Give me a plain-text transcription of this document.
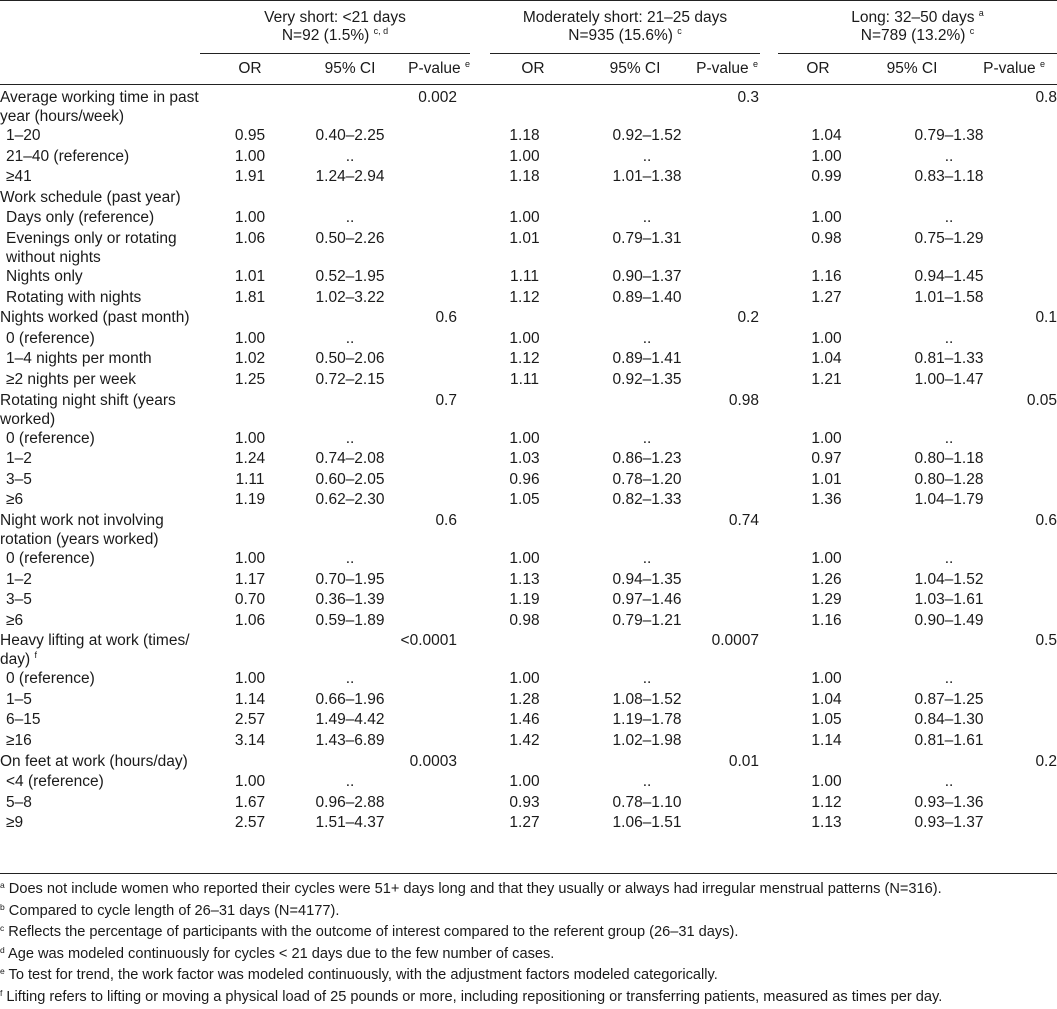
Very short: <21 days
N=92 (1.5%) $^{c, d}$
Moderately short: 21–25 days
N=935 (15.6%) $^c$
Long: 32–50 days $^a$
N=789 (13.2%) $^c$
OR	95% CI	P-value $^e$	OR	95% CI	P-value $^e$	OR	95% CI	P-value $^e$
Average working time in past year (hours/week)			0.002			0.3			0.8
1–20	0.95	0.40–2.25		1.18	0.92–1.52		1.04	0.79–1.38	
21–40 (reference)	1.00	..		1.00	..		1.00	..	
≥41	1.91	1.24–2.94		1.18	1.01–1.38		0.99	0.83–1.18	
Work schedule (past year)									
Days only (reference)	1.00	..		1.00	..		1.00	..	
Evenings only or rotating without nights	1.06	0.50–2.26		1.01	0.79–1.31		0.98	0.75–1.29	
Nights only	1.01	0.52–1.95		1.11	0.90–1.37		1.16	0.94–1.45	
Rotating with nights	1.81	1.02–3.22		1.12	0.89–1.40		1.27	1.01–1.58	
Nights worked (past month)			0.6			0.2			0.1
0 (reference)	1.00	..		1.00	..		1.00	..	
1–4 nights per month	1.02	0.50–2.06		1.12	0.89–1.41		1.04	0.81–1.33	
≥2 nights per week	1.25	0.72–2.15		1.11	0.92–1.35		1.21	1.00–1.47	
Rotating night shift (years worked)			0.7			0.98			0.05
0 (reference)	1.00	..		1.00	..		1.00	..	
1–2	1.24	0.74–2.08		1.03	0.86–1.23		0.97	0.80–1.18	
3–5	1.11	0.60–2.05		0.96	0.78–1.20		1.01	0.80–1.28	
≥6	1.19	0.62–2.30		1.05	0.82–1.33		1.36	1.04–1.79	
Night work not involving rotation (years worked)			0.6			0.74			0.6
0 (reference)	1.00	..		1.00	..		1.00	..	
1–2	1.17	0.70–1.95		1.13	0.94–1.35		1.26	1.04–1.52	
3–5	0.70	0.36–1.39		1.19	0.97–1.46		1.29	1.03–1.61	
≥6	1.06	0.59–1.89		0.98	0.79–1.21		1.16	0.90–1.49	
Heavy lifting at work (times/ day) $^f$			<0.0001			0.0007			0.5
0 (reference)	1.00	..		1.00	..		1.00	..	
1–5	1.14	0.66–1.96		1.28	1.08–1.52		1.04	0.87–1.25	
6–15	2.57	1.49–4.42		1.46	1.19–1.78		1.05	0.84–1.30	
≥16	3.14	1.43–6.89		1.42	1.02–1.98		1.14	0.81–1.61	
On feet at work (hours/day)			0.0003			0.01			0.2
<4 (reference)	1.00	..		1.00	..		1.00	..	
5–8	1.67	0.96–2.88		0.93	0.78–1.10		1.12	0.93–1.36	
≥9	2.57	1.51–4.37		1.27	1.06–1.51		1.13	0.93–1.37	
$^a$ Does not include women who reported their cycles were 51+ days long and that they usually or always had irregular menstrual patterns (N=316).
$^b$ Compared to cycle length of 26–31 days (N=4177).
$^c$ Reflects the percentage of participants with the outcome of interest compared to the referent group (26–31 days).
$^d$ Age was modeled continuously for cycles < 21 days due to the few number of cases.
$^e$ To test for trend, the work factor was modeled continuously, with the adjustment factors modeled categorically.
$^f$ Lifting refers to lifting or moving a physical load of 25 pounds or more, including repositioning or transferring patients, measured as times per day.
